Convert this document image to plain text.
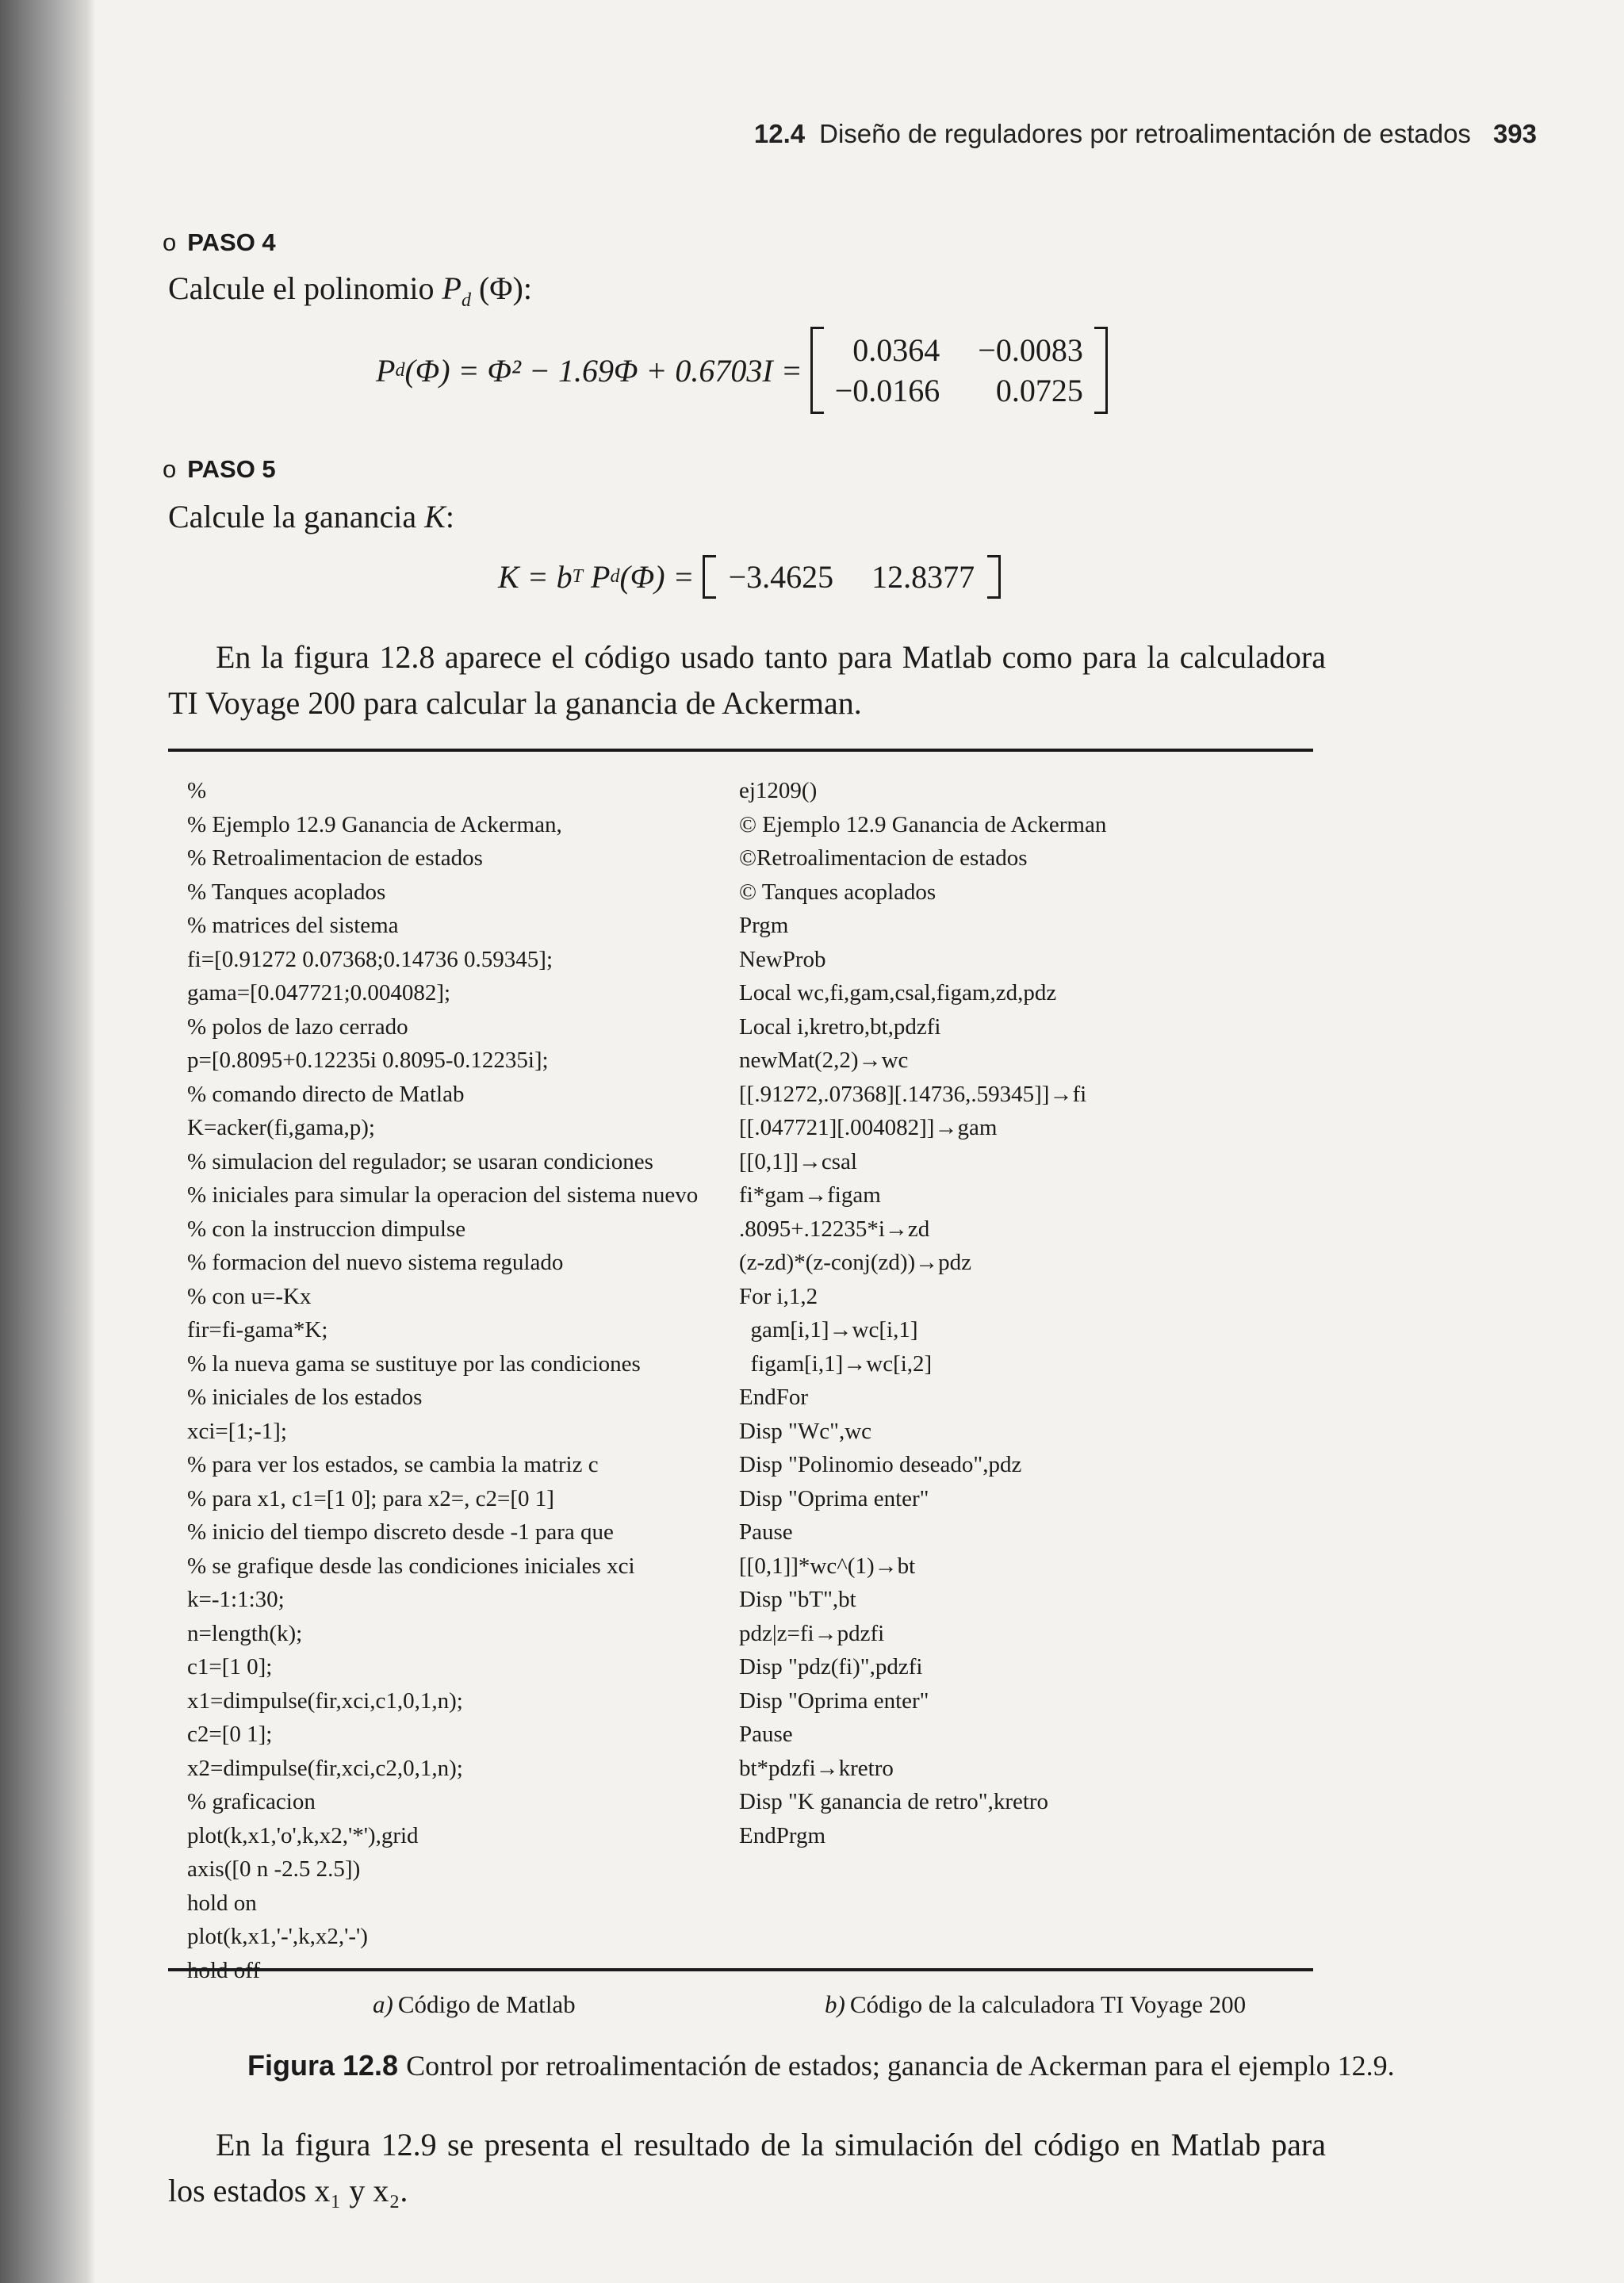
12.4 Diseño de reguladores por retroalimentación de estados 393
o PASO 4
Calcule el polinomio $P_d$ (Φ):
P d (Φ) = Φ² − 1.69Φ + 0.6703I =
0.0364 −0.0083
−0.0166	0.0725
o PASO 5
Calcule la ganancia K:
K = b T P d (Φ) = −3.4625 12.8377
En la figura 12.8 aparece el código usado tanto para Matlab como para la calculadora TI Voyage 200 para calcular la ganancia de Ackerman.
%
% Ejemplo 12.9 Ganancia de Ackerman,
% Retroalimentacion de estados
% Tanques acoplados
% matrices del sistema
fi=[0.91272 0.07368;0.14736 0.59345];
gama=[0.047721;0.004082];
% polos de lazo cerrado
p=[0.8095+0.12235i 0.8095-0.12235i];
% comando directo de Matlab
K=acker(fi,gama,p);
% simulacion del regulador; se usaran condiciones
% iniciales para simular la operacion del sistema nuevo
% con la instruccion dimpulse
% formacion del nuevo sistema regulado
% con u=-Kx
fir=fi-gama*K;
% la nueva gama se sustituye por las condiciones
% iniciales de los estados
xci=[1;-1];
% para ver los estados, se cambia la matriz c
% para x1, c1=[1 0]; para x2=, c2=[0 1]
% inicio del tiempo discreto desde -1 para que
% se grafique desde las condiciones iniciales xci
k=-1:1:30;
n=length(k);
c1=[1 0];
x1=dimpulse(fir,xci,c1,0,1,n);
c2=[0 1];
x2=dimpulse(fir,xci,c2,0,1,n);
% graficacion
plot(k,x1,'o',k,x2,'*'),grid
axis([0 n -2.5 2.5])
hold on
plot(k,x1,'-',k,x2,'-')
hold off
ej1209()
© Ejemplo 12.9 Ganancia de Ackerman
©Retroalimentacion de estados
© Tanques acoplados
Prgm
NewProb
Local wc,fi,gam,csal,figam,zd,pdz
Local i,kretro,bt,pdzfi
newMat(2,2)→wc
[[.91272,.07368][.14736,.59345]]→fi
[[.047721][.004082]]→gam
[[0,1]]→csal
fi*gam→figam
.8095+.12235*i→zd
(z-zd)*(z-conj(zd))→pdz
For i,1,2
gam[i,1]→wc[i,1]
figam[i,1]→wc[i,2]
EndFor
Disp "Wc",wc
Disp "Polinomio deseado",pdz
Disp "Oprima enter"
Pause
[[0,1]]*wc^(1)→bt
Disp "bT",bt
pdz|z=fi→pdzfi
Disp "pdz(fi)",pdzfi
Disp "Oprima enter"
Pause
bt*pdzfi→kretro
Disp "K ganancia de retro",kretro
EndPrgm
a) Código de Matlab	b) Código de la calculadora TI Voyage 200
Figura 12.8 Control por retroalimentación de estados; ganancia de Ackerman para el ejemplo 12.9.
En la figura 12.9 se presenta el resultado de la simulación del código en Matlab para los estados x₁ y x₂.
